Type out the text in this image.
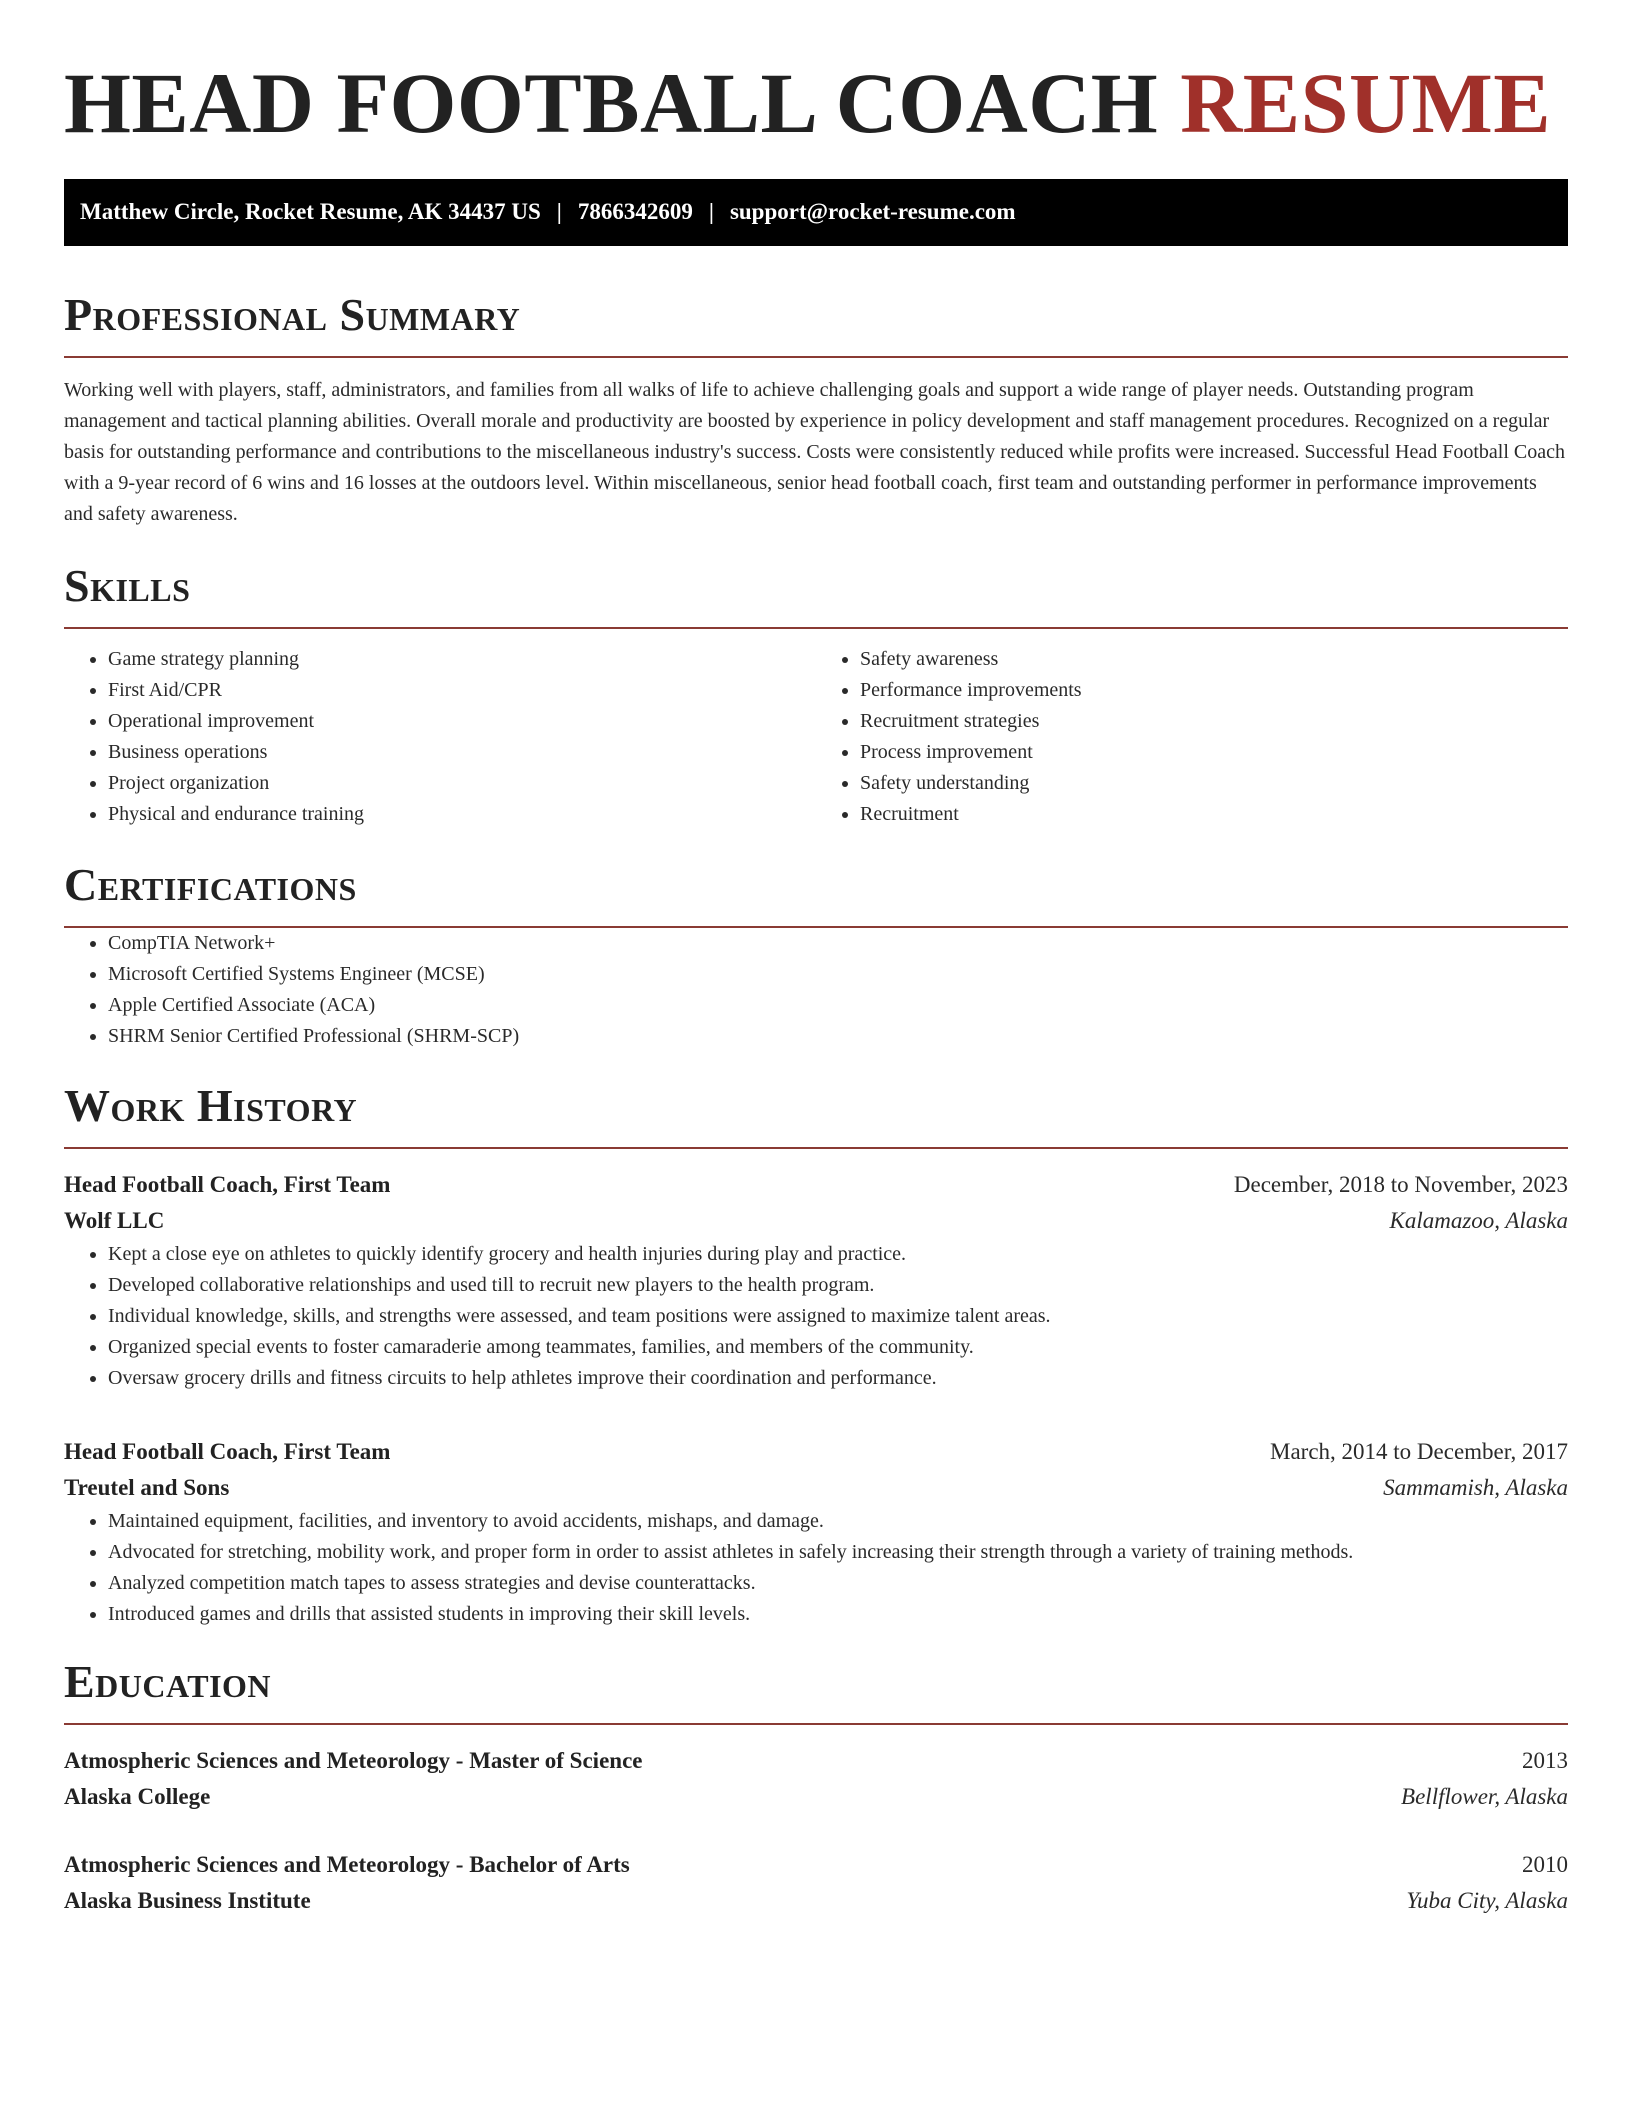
HEAD FOOTBALL COACH RESUME
Matthew Circle, Rocket Resume, AK 34437 US | 7866342609 | support@rocket-resume.com
Professional Summary

Working well with players, staff, administrators, and families from all walks of life to achieve challenging goals and support a wide range of player needs. Outstanding program management and tactical planning abilities. Overall morale and productivity are boosted by experience in policy development and staff management procedures. Recognized on a regular basis for outstanding performance and contributions to the miscellaneous industry's success. Costs were consistently reduced while profits were increased. Successful Head Football Coach with a 9-year record of 6 wins and 16 losses at the outdoors level. Within miscellaneous, senior head football coach, first team and outstanding performer in performance improvements and safety awareness.

Skills
• Game strategy planning
• First Aid/CPR
• Operational improvement
• Business operations
• Project organization
• Physical and endurance training
• Safety awareness
• Performance improvements
• Recruitment strategies
• Process improvement
• Safety understanding
• Recruitment
Certifications
• CompTIA Network+
• Microsoft Certified Systems Engineer (MCSE)
• Apple Certified Associate (ACA)
• SHRM Senior Certified Professional (SHRM-SCP)
Work History
Head Football Coach, First Team	December, 2018 to November, 2023
Wolf LLC	Kalamazoo, Alaska
• Kept a close eye on athletes to quickly identify grocery and health injuries during play and practice.
• Developed collaborative relationships and used till to recruit new players to the health program.
• Individual knowledge, skills, and strengths were assessed, and team positions were assigned to maximize talent areas.
• Organized special events to foster camaraderie among teammates, families, and members of the community.
• Oversaw grocery drills and fitness circuits to help athletes improve their coordination and performance.
Head Football Coach, First Team	March, 2014 to December, 2017
Treutel and Sons	Sammamish, Alaska
• Maintained equipment, facilities, and inventory to avoid accidents, mishaps, and damage.
• Advocated for stretching, mobility work, and proper form in order to assist athletes in safely increasing their strength through a variety of training methods.
• Analyzed competition match tapes to assess strategies and devise counterattacks.
• Introduced games and drills that assisted students in improving their skill levels.
Education
Atmospheric Sciences and Meteorology - Master of Science	2013
Alaska College	Bellflower, Alaska
Atmospheric Sciences and Meteorology - Bachelor of Arts	2010
Alaska Business Institute	Yuba City, Alaska
